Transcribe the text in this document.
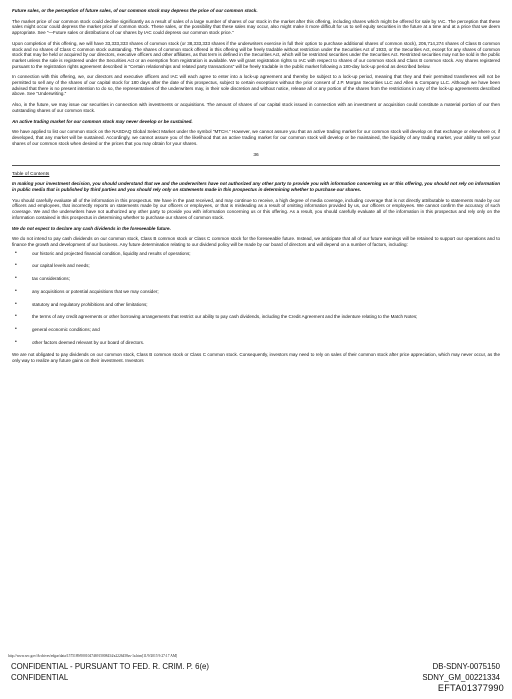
Future sales, or the perception of future sales, of our common stock may depress the price of our common stock.

The market price of our common stock could decline significantly as a result of sales of a large number of shares of our stock in the market after this offering, including shares which might be offered for sale by IAC. The perception that these sales might occur could depress the market price of common stock. These sales, or the possibility that these sales may occur, also might make it more difficult for us to sell equity securities in the future at a time and at a price that we deem appropriate. See "—Future sales or distributions of our shares by IAC could depress our common stock price."

Upon completion of this offering, we will have 33,333,333 shares of common stock (or 38,333,333 shares if the underwriters exercise in full their option to purchase additional shares of common stock), 206,714,274 shares of Class B common stock and no shares of Class C common stock outstanding. The shares of common stock offered in this offering will be freely tradable without restriction under the Securities Act of 1933, or the Securities Act, except for any shares of common stock that may be held or acquired by our directors, executive officers and other affiliates, as that term is defined in the Securities Act, which will be restricted securities under the Securities Act. Restricted securities may not be sold in the public market unless the sale is registered under the Securities Act or an exemption from registration is available. We will grant registration rights to IAC with respect to shares of our common stock and Class B common stock. Any shares registered pursuant to the registration rights agreement described in "Certain relationships and related party transactions" will be freely tradable in the public market following a 180-day lock-up period as described below.

In connection with this offering, we, our directors and executive officers and IAC will each agree to enter into a lock-up agreement and thereby be subject to a lock-up period, meaning that they and their permitted transferees will not be permitted to sell any of the shares of our capital stock for 180 days after the date of this prospectus, subject to certain exceptions without the prior consent of J.P. Morgan Securities LLC and Allen & Company LLC. Although we have been advised that there is no present intention to do so, the representatives of the underwriters may, in their sole discretion and without notice, release all or any portion of the shares from the restrictions in any of the lock-up agreements described above. See "Underwriting."

Also, in the future, we may issue our securities in connection with investments or acquisitions. The amount of shares of our capital stock issued in connection with an investment or acquisition could constitute a material portion of our then outstanding shares of our common stock.

An active trading market for our common stock may never develop or be sustained.

We have applied to list our common stock on the NASDAQ Global Select Market under the symbol "MTCH." However, we cannot assure you that an active trading market for our common stock will develop on that exchange or elsewhere or, if developed, that any market will be sustained. Accordingly, we cannot assure you of the likelihood that an active trading market for our common stock will develop or be maintained, the liquidity of any trading market, your ability to sell your shares of our common stock when desired or the prices that you may obtain for your shares.

36
Table of Contents

In making your investment decision, you should understand that we and the underwriters have not authorized any other party to provide you with information concerning us or this offering, you should not rely on information in public media that is published by third parties and you should rely only on statements made in this prospectus in determining whether to purchase our shares.

You should carefully evaluate all of the information in this prospectus. We have in the past received, and may continue to receive, a high degree of media coverage, including coverage that is not directly attributable to statements made by our officers and employees, that incorrectly reports on statements made by our officers or employees, or that is misleading as a result of omitting information provided by us, our officers or employees. We cannot confirm the accuracy of such coverage. We and the underwriters have not authorized any other party to provide you with information concerning us or this offering. As a result, you should carefully evaluate all of the information in this prospectus and rely only on the information contained in this prospectus in determining whether to purchase our shares of common stock.

We do not expect to declare any cash dividends in the foreseeable future.

We do not intend to pay cash dividends on our common stock, Class B common stock or Class C common stock for the foreseeable future. Instead, we anticipate that all of our future earnings will be retained to support our operations and to finance the growth and development of our business. Any future determination relating to our dividend policy will be made by our board of directors and will depend on a number of factors, including:

•	our historic and projected financial condition, liquidity and results of operations;
•	our capital levels and needs;
•	tax considerations;
•	any acquisitions or potential acquisitions that we may consider;
•	statutory and regulatory prohibitions and other limitations;
•	the terms of any credit agreements or other borrowing arrangements that restrict our ability to pay cash dividends, including the Credit Agreement and the indenture relating to the Match Notes;
•	general economic conditions; and
•	other factors deemed relevant by our board of directors.

We are not obligated to pay dividends on our common stock, Class B common stock or Class C common stock. Consequently, investors may need to rely on sales of their common stock after price appreciation, which may never occur, as the only way to realize any future gains on their investment. Investors

http://www.sec.gov/Archives/edgar/data/1575189/000104746915008434/a2226458zs-1a.htm[11/9/2015 9:27:17 AM]
CONFIDENTIAL - PURSUANT TO FED. R. CRIM. P. 6(e)
CONFIDENTIAL
DB-SDNY-0075150
SDNY_GM_00221334
EFTA01377990
